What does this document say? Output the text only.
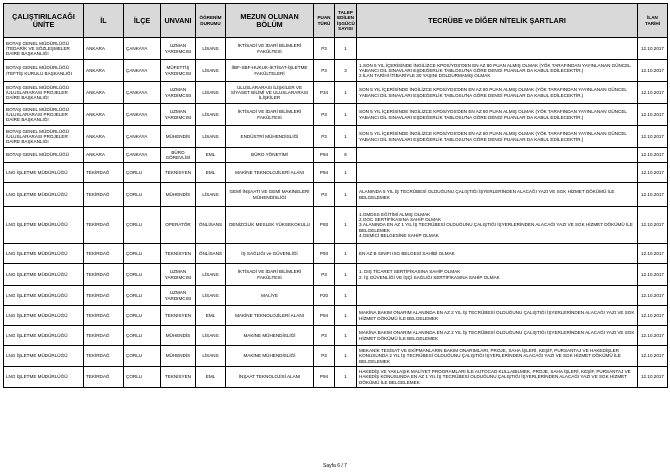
ÇALIŞTIRILACAĞI ÜNİTE	İL	İLÇE	UNVANI	ÖĞRENİM DURUMU	MEZUN OLUNAN BÖLÜM	PUAN TÜRÜ	TALEP EDİLEN İŞGÜCÜ SAYISI	TECRÜBE ve DİĞER NİTELİK ŞARTLARI	İLAN TARİHİ
BOTAŞ GENEL MÜDÜRLÜĞÜ /TEDARİK VE SÖZLEŞMELER DAİRE BAŞKANLIĞI	ANKARA	ÇANKAYA	UZMAN YARDIMCISI	LİSANS	İKTİSADİ VE İDARİ BİLİMLERİ FAKÜLTESİ	P3	1		12.10.2017
BOTAŞ GENEL MÜDÜRLÜĞÜ /TEFTİŞ KURULU BAŞKANLIĞI	ANKARA	ÇANKAYA	MÜFETTİŞ YARDIMCISI	LİSANS	İİBF-SBF-HUKUK-İKTİSAT-İŞLETME FAKÜLTELERİ	P3	3	1.SON 5 YIL İÇERİSİNDE İNGİLİZCE KPDS/YDS'DEN EN AZ 80 PUAN ALMIŞ OLMAK (YÖK TARAFINDAN YAYINLANAN GÜNCEL YABANCI DİL SINAVLARI EŞDEĞERLİK TABLOSU'NA GÖRE DENGİ PUANLAR DA KABUL EDİLECEKTİR.)
2.İLAN TARİHİ İTİBARİYLE 30 YAŞINI DOLDURMAMIŞ OLMAK	12.10.2017
BOTAŞ GENEL MÜDÜRLÜĞÜ /ULUSLARARASI PROJELER DAİRE BAŞKANLIĞI	ANKARA	ÇANKAYA	UZMAN YARDIMCISI	LİSANS	ULUSLARARASI İLİŞKİLER VE SİYASET BİLİMİ VE ULUSLARARASI İLİŞKİLER	P34	1	SON 5 YIL İÇERİSİNDE İNGİLİZCE KPDS/YDS'DEN EN AZ 80 PUAN ALMIŞ OLMAK (YÖK TARAFINDAN YAYINLANAN GÜNCEL YABANCI DİL SINAVLARI EŞDEĞERLİK TABLOSU'NA GÖRE DENGİ PUANLAR DA KABUL EDİLECEKTİR.)	12.10.2017
BOTAŞ GENEL MÜDÜRLÜĞÜ /ULUSLARARASI PROJELER DAİRE BAŞKANLIĞI	ANKARA	ÇANKAYA	UZMAN YARDIMCISI	LİSANS	İKTİSADİ VE İDARİ BİLİMLERİ FAKÜLTESİ	P3	1	SON 5 YIL İÇERİSİNDE İNGİLİZCE KPDS/YDS'DEN EN AZ 80 PUAN ALMIŞ OLMAK (YÖK TARAFINDAN YAYINLANAN GÜNCEL YABANCI DİL SINAVLARI EŞDEĞERLİK TABLOSU'NA GÖRE DENGİ PUANLAR DA KABUL EDİLECEKTİR.)	12.10.2017
BOTAŞ GENEL MÜDÜRLÜĞÜ /ULUSLARARASI PROJELER DAİRE BAŞKANLIĞI	ANKARA	ÇANKAYA	MÜHENDİS	LİSANS	ENDÜSTRİ MÜHENDİSLİĞİ	P3	1	SON 5 YIL İÇERİSİNDE İNGİLİZCE KPDS/YDS'DEN EN AZ 80 PUAN ALMIŞ OLMAK (YÖK TARAFINDAN YAYINLANAN GÜNCEL YABANCI DİL SINAVLARI EŞDEĞERLİK TABLOSU'NA GÖRE DENGİ PUANLAR DA KABUL EDİLECEKTİR.)	12.10.2017
BOTAŞ GENEL MÜDÜRLÜĞÜ	ANKARA	ÇANKAYA	BÜRO GÖREVLİSİ	EML	BÜRO YÖNETİMİ	P94	6		12.10.2017
LNG İŞLETME MÜDÜRLÜĞÜ	TEKİRDAĞ	ÇORLU	TEKNİSYEN	EML	MAKİNE TEKNOLOJİLERİ ALANI	P94	1		12.10.2017
LNG İŞLETME MÜDÜRLÜĞÜ	TEKİRDAĞ	ÇORLU	MÜHENDİS	LİSANS	GEMİ İNŞAATI VE GEMİ MAKİNELERİ MÜHENDİSLİĞİ	P3	1	ALANINDA 5 YIL İŞ TECRÜBESİ OLDUĞUNU ÇALIŞTIĞI İŞYERLERİNDEN ALACAĞI YAZI VE SGK HİZMET DÖKÜMÜ İLE BELGELEMEK	12.10.2017
LNG İŞLETME MÜDÜRLÜĞÜ	TEKİRDAĞ	ÇORLU	OPERATÖR	ÖNLİSANS	DENİZCİLİK MESLEK YÜKSEKOKULU	P93	1	1.GMDSS EĞİTİMİ ALMIŞ OLMAK
2.GOC SERTİFİKASINA SAHİP OLMAK
3.ALANINDA EN AZ 1 YIL İŞ TECRÜBESİ OLDUĞUNU ÇALIŞTIĞI İŞYERLERİNDEN ALACAĞI YAZI VE SGK HİZMET DÖKÜMÜ İLE BELGELEMEK
4.GEMİCİ BELGESİNE SAHİP OLMAK	12.10.2017
LNG İŞLETME MÜDÜRLÜĞÜ	TEKİRDAĞ	ÇORLU	TEKNİSYEN	ÖNLİSANS	İŞ SAĞLIĞI ve GÜVENLİĞİ	P93	1	EN AZ B SINIFI ISG BELGESİ SAHİBİ OLMAK	12.10.2017
LNG İŞLETME MÜDÜRLÜĞÜ	TEKİRDAĞ	ÇORLU	UZMAN YARDIMCISI	LİSANS	İKTİSADİ VE İDARİ BİLİMLERİ FAKÜLTESİ	P3	1	1. DIŞ TİCARET SERTİFİKASINA SAHİP OLMAK
2. İŞ GÜVENLİĞİ VE İŞÇİ SAĞLIĞI SERTİFİKASINA SAHİP OLMAK	12.10.2017
LNG İŞLETME MÜDÜRLÜĞÜ	TEKİRDAĞ	ÇORLU	UZMAN YARDIMCISI	LİSANS	MALİYE	P20	1		12.10.2017
LNG İŞLETME MÜDÜRLÜĞÜ	TEKİRDAĞ	ÇORLU	TEKNİSYEN	EML	MAKİNE TEKNOLOJİLERİ ALANI	P94	1	MAKİNA BAKIM ONARIM ALANINDA EN AZ 2 YIL İŞ TECRÜBESİ OLDUĞUNU ÇALIŞTIĞI İŞYERLERİNDEN ALACAĞI YAZI VE SGK HİZMET DÖKÜMÜ İLE BELGELEMEK	12.10.2017
LNG İŞLETME MÜDÜRLÜĞÜ	TEKİRDAĞ	ÇORLU	MÜHENDİS	LİSANS	MAKİNE MÜHENDİSLİĞİ	P3	1	MAKİNA BAKIM ONARIM ALANINDA EN AZ 2 YIL İŞ TECRÜBESİ OLDUĞUNU ÇALIŞTIĞI İŞYERLERİNDEN ALACAĞI YAZI VE SGK HİZMET DÖKÜMÜ İLE BELGELEMEK	12.10.2017
LNG İŞLETME MÜDÜRLÜĞÜ	TEKİRDAĞ	ÇORLU	MÜHENDİS	LİSANS	MAKİNE MÜHENDİSLİĞİ	P3	1	MEKANİK TESİSAT VE EKİPMANLARIN BAKIM ONARIMLARI, PROJE, SAHA İŞLERİ, KEŞİF, PURSANTAJ VE HAKEDİŞLER KONUSUNDA 2 YIL İŞ TECRÜBESİ OLDUĞUNU ÇALIŞTIĞI İŞYERLERİNDEN ALACAĞI YAZI VE SGK HİZMET DÖKÜMÜ İLE BELGELEMEK	12.10.2017
LNG İŞLETME MÜDÜRLÜĞÜ	TEKİRDAĞ	ÇORLU	TEKNİSYEN	EML	İNŞAAT TEKNOLOJİSİ ALANI	P94	1	HAKEDİŞ VE YAKLAŞIK MALİYET PROGRAMLARI İLE AUTOCAD KULLABILMEK, PROJE, SAHA İŞLERİ, KEŞİF, PURSANTAJ VE HAKEDİŞ KONUSUNDA EN AZ 1 YIL İŞ TECRÜBESİ OLDUĞUNU ÇALIŞTIĞI İŞYERLERİNDEN ALACAĞI YAZI VE SGK HİZMET DÖKÜMÜ İLE BELGELEMEK	12.10.2017
Sayfa 6 / 7
